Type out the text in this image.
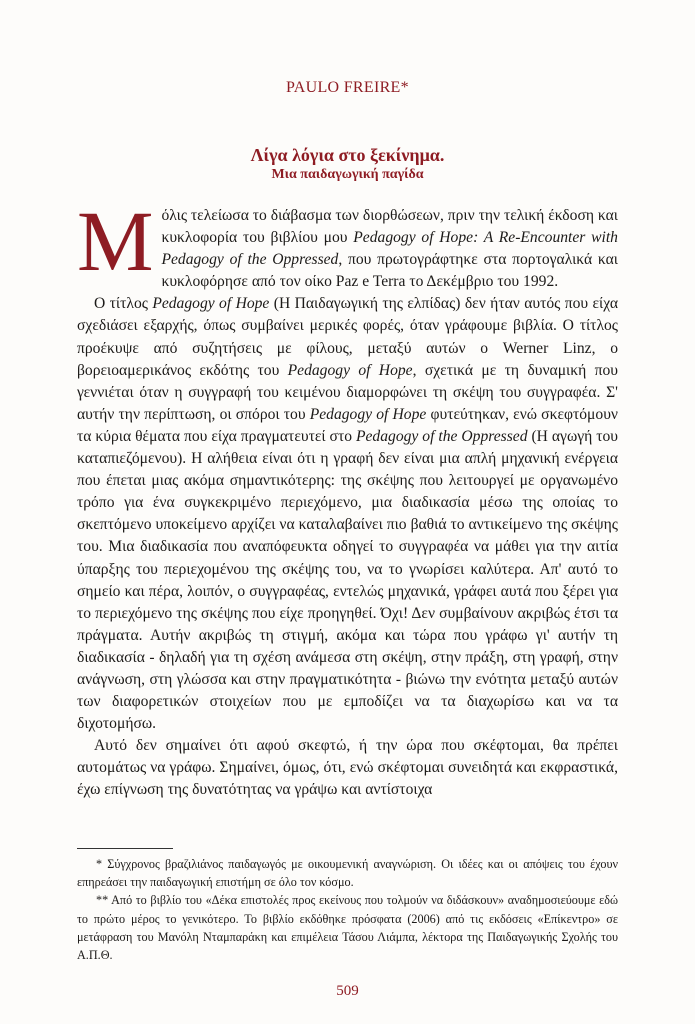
PAULO FREIRE*
Λίγα λόγια στο ξεκίνημα.
Μια παιδαγωγική παγίδα

Μόλις τελείωσα το διάβασμα των διορθώσεων, πριν την τελική έκδοση και κυκλοφορία του βιβλίου μου Pedagogy of Hope: A Re-Encounter with Pedagogy of the Oppressed, που πρωτογράφτηκε στα πορτογαλικά και κυκλοφόρησε από τον οίκο Paz e Terra το Δεκέμβριο του 1992.

Ο τίτλος Pedagogy of Hope (Η Παιδαγωγική της ελπίδας) δεν ήταν αυτός που είχα σχεδιάσει εξαρχής, όπως συμβαίνει μερικές φορές, όταν γράφουμε βιβλία. Ο τίτλος προέκυψε από συζητήσεις με φίλους, μεταξύ αυτών ο Werner Linz, ο βορειοαμερικάνος εκδότης του Pedagogy of Hope, σχετικά με τη δυναμική που γεννιέται όταν η συγγραφή του κειμένου διαμορφώνει τη σκέψη του συγγραφέα. Σ' αυτήν την περίπτωση, οι σπόροι του Pedagogy of Hope φυτεύτηκαν, ενώ σκεφτόμουν τα κύρια θέματα που είχα πραγματευτεί στο Pedagogy of the Oppressed (Η αγωγή του καταπιεζόμενου). Η αλήθεια είναι ότι η γραφή δεν είναι μια απλή μηχανική ενέργεια που έπεται μιας ακόμα σημαντικότερης: της σκέψης που λειτουργεί με οργανωμένο τρόπο για ένα συγκεκριμένο περιεχόμενο, μια διαδικασία μέσω της οποίας το σκεπτόμενο υποκείμενο αρχίζει να καταλαβαίνει πιο βαθιά το αντικείμενο της σκέψης του. Μια διαδικασία που αναπόφευκτα οδηγεί το συγγραφέα να μάθει για την αιτία ύπαρξης του περιεχομένου της σκέψης του, να το γνωρίσει καλύτερα. Απ' αυτό το σημείο και πέρα, λοιπόν, ο συγγραφέας, εντελώς μηχανικά, γράφει αυτά που ξέρει για το περιεχόμενο της σκέψης που είχε προηγηθεί. Όχι! Δεν συμβαίνουν ακριβώς έτσι τα πράγματα. Αυτήν ακριβώς τη στιγμή, ακόμα και τώρα που γράφω γι' αυτήν τη διαδικασία - δηλαδή για τη σχέση ανάμεσα στη σκέψη, στην πράξη, στη γραφή, στην ανάγνωση, στη γλώσσα και στην πραγματικότητα - βιώνω την ενότητα μεταξύ αυτών των διαφορετικών στοιχείων που με εμποδίζει να τα διαχωρίσω και να τα διχοτομήσω.

Αυτό δεν σημαίνει ότι αφού σκεφτώ, ή την ώρα που σκέφτομαι, θα πρέπει αυτομάτως να γράφω. Σημαίνει, όμως, ότι, ενώ σκέφτομαι συνειδητά και εκφραστικά, έχω επίγνωση της δυνατότητας να γράψω και αντίστοιχα

* Σύγχρονος βραζιλιάνος παιδαγωγός με οικουμενική αναγνώριση. Οι ιδέες και οι απόψεις του έχουν επηρεάσει την παιδαγωγική επιστήμη σε όλο τον κόσμο.

** Από το βιβλίο του «Δέκα επιστολές προς εκείνους που τολμούν να διδάσκουν» αναδημοσιεύουμε εδώ το πρώτο μέρος το γενικότερο. Το βιβλίο εκδόθηκε πρόσφατα (2006) από τις εκδόσεις «Επίκεντρο» σε μετάφραση του Μανόλη Νταμπαράκη και επιμέλεια Τάσου Λιάμπα, λέκτορα της Παιδαγωγικής Σχολής του Α.Π.Θ.

509
